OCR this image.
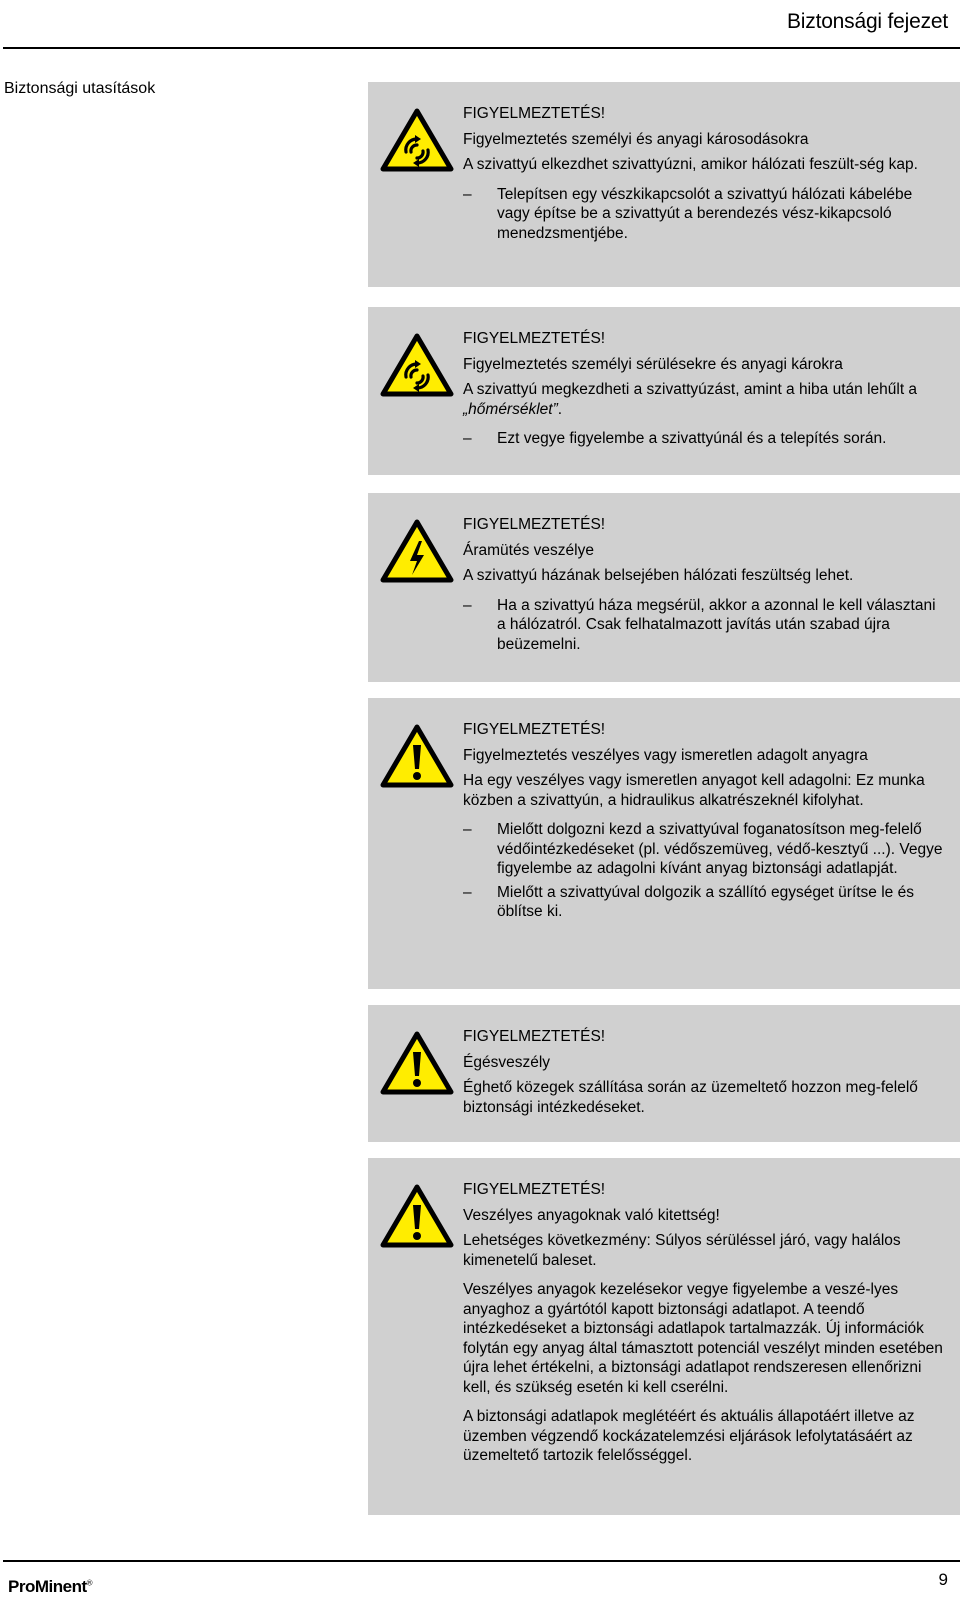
Biztonsági fejezet
Biztonsági utasítások
FIGYELMEZTETÉS!
Figyelmeztetés személyi és anyagi károsodásokra
A szivattyú elkezdhet szivattyúzni, amikor hálózati feszült-ség kap.
– Telepítsen egy vészkikapcsolót a szivattyú hálózati kábelébe vagy építse be a szivattyút a berendezés vész-kikapcsoló menedzsmentjébe.
FIGYELMEZTETÉS!
Figyelmeztetés személyi sérülésekre és anyagi károkra
A szivattyú megkezdheti a szivattyúzást, amint a hiba után lehűlt a „hőmérséklet”.
– Ezt vegye figyelembe a szivattyúnál és a telepítés során.
FIGYELMEZTETÉS!
Áramütés veszélye
A szivattyú házának belsejében hálózati feszültség lehet.
– Ha a szivattyú háza megsérül, akkor a azonnal le kell választani a hálózatról. Csak felhatalmazott javítás után szabad újra beüzemelni.
FIGYELMEZTETÉS!
Figyelmeztetés veszélyes vagy ismeretlen adagolt anyagra
Ha egy veszélyes vagy ismeretlen anyagot kell adagolni: Ez munka közben a szivattyún, a hidraulikus alkatrészeknél kifolyhat.
– Mielőtt dolgozni kezd a szivattyúval foganatosítson meg-felelő védőintézkedéseket (pl. védőszemüveg, védő-kesztyű ...). Vegye figyelembe az adagolni kívánt anyag biztonsági adatlapját.
– Mielőtt a szivattyúval dolgozik a szállító egységet ürítse le és öblítse ki.
FIGYELMEZTETÉS!
Égésveszély
Éghető közegek szállítása során az üzemeltető hozzon meg-felelő biztonsági intézkedéseket.
FIGYELMEZTETÉS!
Veszélyes anyagoknak való kitettség!
Lehetséges következmény: Súlyos sérüléssel járó, vagy halálos kimenetelű baleset.
Veszélyes anyagok kezelésekor vegye figyelembe a veszé-lyes anyaghoz a gyártótól kapott biztonsági adatlapot. A teendő intézkedéseket a biztonsági adatlapok tartalmazzák. Új információk folytán egy anyag által támasztott potenciál veszélyt minden esetében újra lehet értékelni, a biztonsági adatlapot rendszeresen ellenőrizni kell, és szükség esetén ki kell cserélni.
A biztonsági adatlapok meglétéért és aktuális állapotáért illetve az üzemben végzendő kockázatelemzési eljárások lefolytatásáért az üzemeltető tartozik felelősséggel.
ProMinent®	9
